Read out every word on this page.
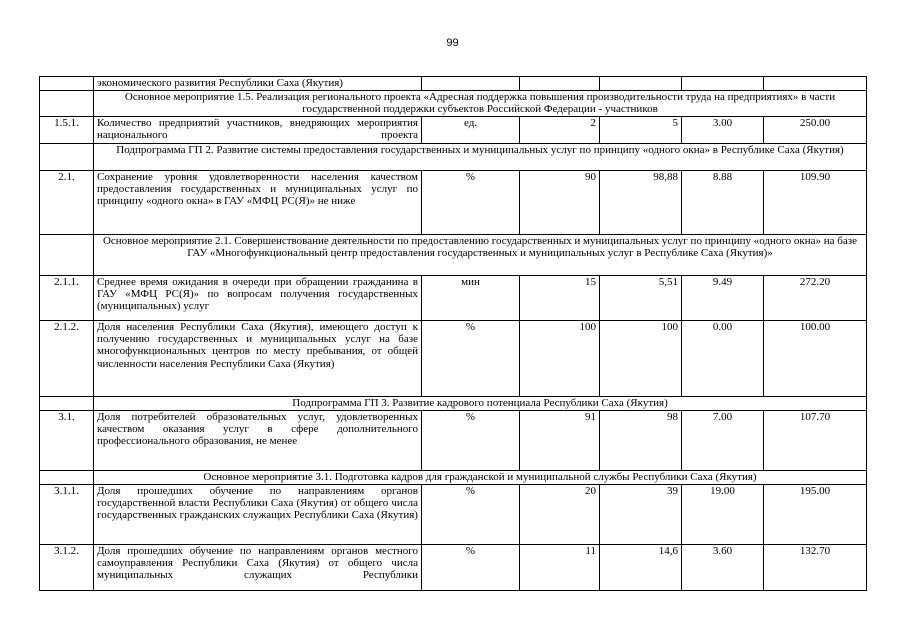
99
	экономического развития Республики Саха (Якутия)					
	Основное мероприятие 1.5. Реализация регионального проекта «Адресная поддержка повышения производительности труда на предприятиях» в части государственной поддержки субъектов Российской Федерации - участников					
1.5.1.	Количество предприятий участников, внедряющих мероприятия национального проекта	ед.	2	5	3.00	250.00
	Подпрограмма ГП 2. Развитие системы предоставления государственных и муниципальных услуг по принципу «одного окна» в Республике Саха (Якутия)					
2.1.	Сохранение уровня удовлетворенности населения качеством предоставления государственных и муниципальных услуг по принципу «одного окна» в ГАУ «МФЦ РС(Я)» не ниже	%	90	98,88	8.88	109.90
	Основное мероприятие 2.1. Совершенствование деятельности по предоставлению государственных и муниципальных услуг по принципу «одного окна» на базе ГАУ «Многофункциональный центр предоставления государственных и муниципальных услуг в Республике Саха (Якутия)»					
2.1.1.	Среднее время ожидания в очереди при обращении гражданина в ГАУ «МФЦ РС(Я)» по вопросам получения государственных (муниципальных) услуг	мин	15	5,51	9.49	272.20
2.1.2.	Доля населения Республики Саха (Якутия), имеющего доступ к получению государственных и муниципальных услуг на базе многофункциональных центров по месту пребывания, от общей численности населения Республики Саха (Якутия)	%	100	100	0.00	100.00
	Подпрограмма ГП 3. Развитие кадрового потенциала Республики Саха (Якутия)					
3.1.	Доля потребителей образовательных услуг, удовлетворенных качеством оказания услуг в сфере дополнительного профессионального образования, не менее	%	91	98	7.00	107.70
	Основное мероприятие 3.1. Подготовка кадров для гражданской и муниципальной службы Республики Саха (Якутия)					
3.1.1.	Доля прошедших обучение по направлениям органов государственной власти Республики Саха (Якутия) от общего числа государственных гражданских служащих Республики Саха (Якутия)	%	20	39	19.00	195.00
3.1.2.	Доля прошедших обучение по направлениям органов местного самоуправления Республики Саха (Якутия) от общего числа муниципальных служащих Республики	%	11	14,6	3.60	132.70
